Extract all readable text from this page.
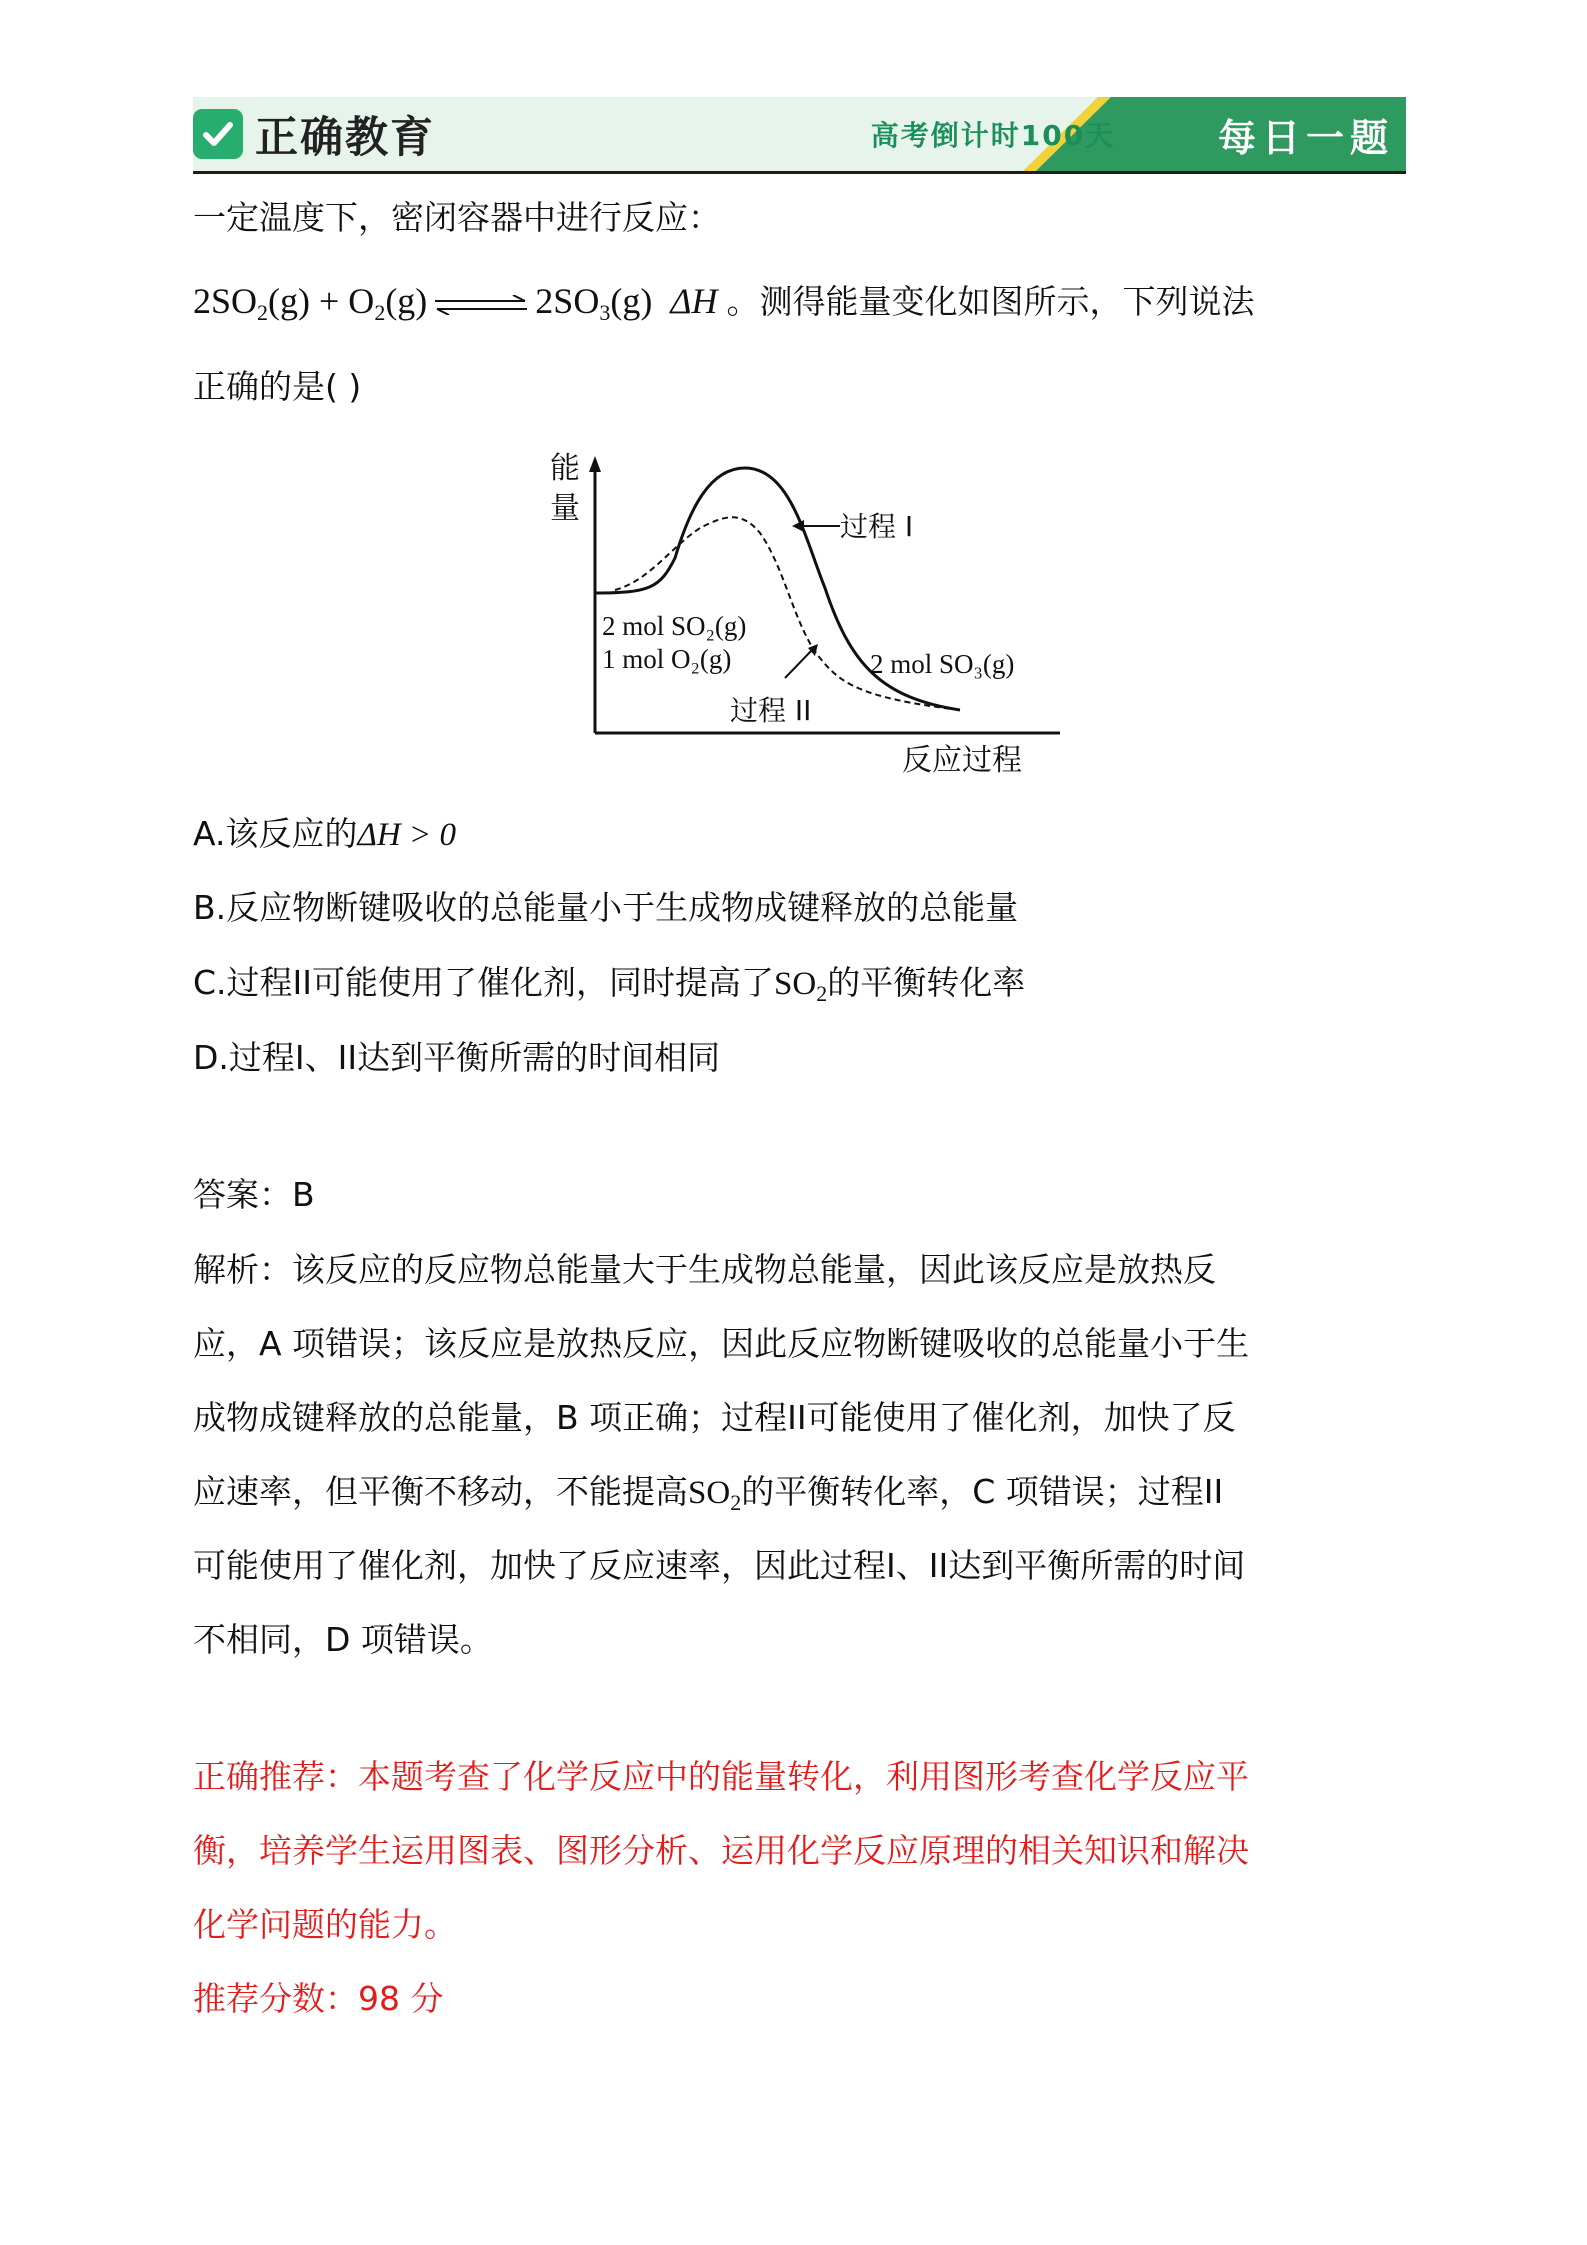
正确教育	高考倒计时100天	每日一题
一定温度下，密闭容器中进行反应：
$2SO_2(g) + O_2(g)$ ⇌ $2SO_3(g)$ ΔH 。测得能量变化如图所示，下列说法
正确的是( )
能
量
反应过程
过程 I
过程 II
2 mol SO₂(g)
1 mol O₂(g)	2 mol SO₃(g)
A.该反应的ΔH > 0
B.反应物断键吸收的总能量小于生成物成键释放的总能量
C.过程II可能使用了催化剂，同时提高了$SO_2$的平衡转化率
D.过程I、II达到平衡所需的时间相同
答案：B
解析：该反应的反应物总能量大于生成物总能量，因此该反应是放热反
应，A 项错误；该反应是放热反应，因此反应物断键吸收的总能量小于生
成物成键释放的总能量，B 项正确；过程II可能使用了催化剂，加快了反
应速率，但平衡不移动，不能提高$SO_2$的平衡转化率，C 项错误；过程II
可能使用了催化剂，加快了反应速率，因此过程I、II达到平衡所需的时间
不相同，D 项错误。
正确推荐：本题考查了化学反应中的能量转化，利用图形考查化学反应平
衡，培养学生运用图表、图形分析、运用化学反应原理的相关知识和解决
化学问题的能力。
推荐分数：98 分
